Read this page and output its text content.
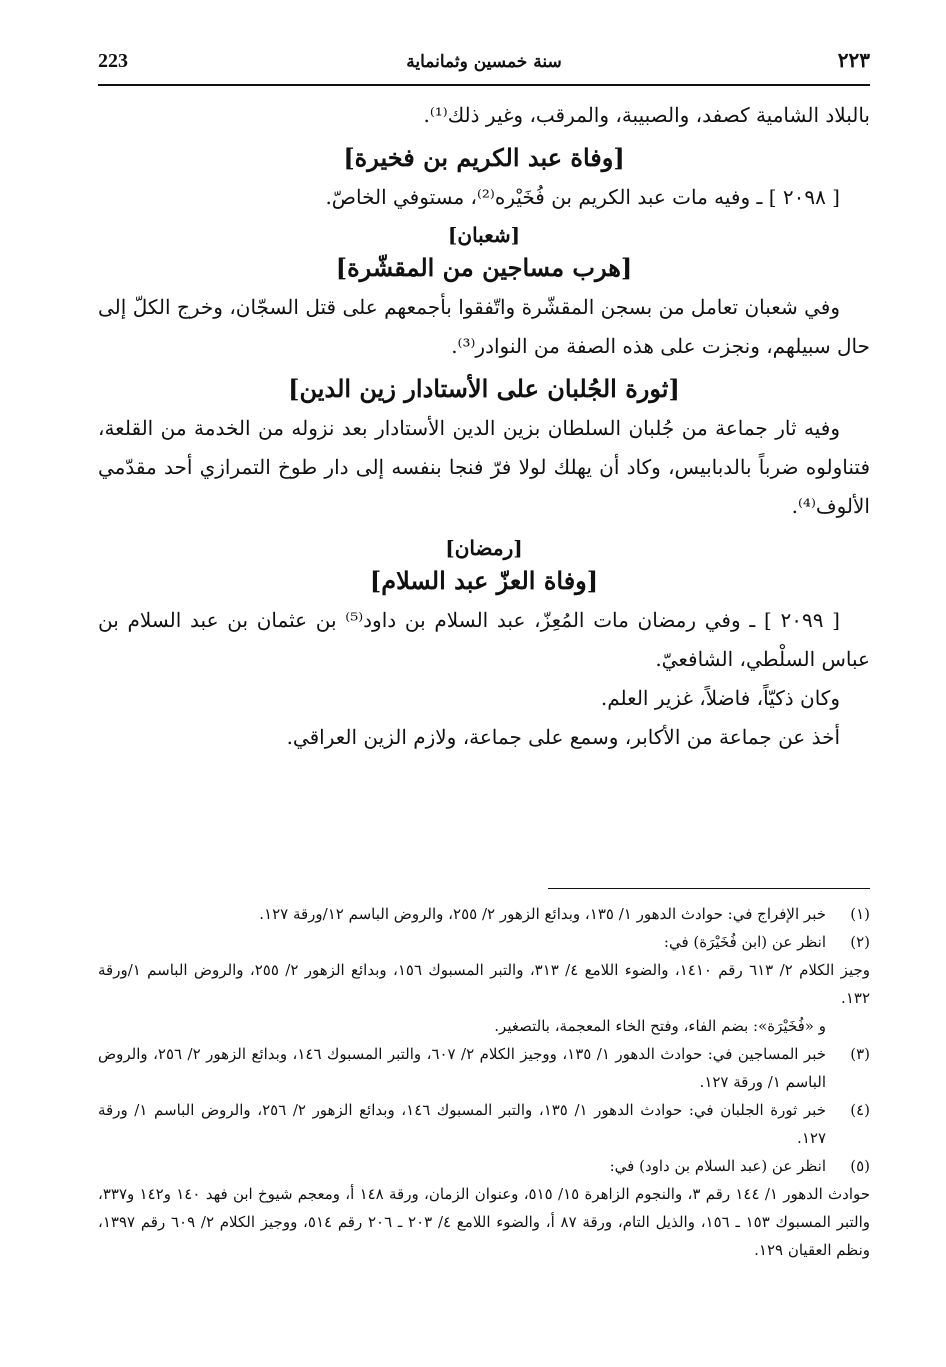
223	سنة خمسين وثمانماية	٢٢٣

بالبلاد الشامية كصفد، والصبيبة، والمرقب، وغير ذلك⁽¹⁾.

[وفاة عبد الكريم بن فخيرة]

[ ٢٠٩٨ ] ـ وفيه مات عبد الكريم بن فُخَيْره⁽²⁾، مستوفي الخاصّ.

[شعبان]

[هرب مساجين من المقشّرة]

وفي شعبان تعامل من بسجن المقشّرة واتّفقوا بأجمعهم على قتل السجّان، وخرج الكلّ إلى حال سبيلهم، ونجزت على هذه الصفة من النوادر⁽³⁾.

[ثورة الجُلبان على الأستادار زين الدين]

وفيه ثار جماعة من جُلبان السلطان بزين الدين الأستادار بعد نزوله من الخدمة من القلعة، فتناولوه ضرباً بالدبابيس، وكاد أن يهلك لولا فرّ فنجا بنفسه إلى دار طوخ التمرازي أحد مقدّمي الألوف⁽⁴⁾.

[رمضان]

[وفاة العزّ عبد السلام]

[ ٢٠٩٩ ] ـ وفي رمضان مات المُعِزّ، عبد السلام بن داود⁽⁵⁾ بن عثمان بن عبد السلام بن عباس السلْطي، الشافعيّ.

وكان ذكيّاً، فاضلاً، غزير العلم.

أخذ عن جماعة من الأكابر، وسمع على جماعة، ولازم الزين العراقي.

(١)
خبر الإفراج في: حوادث الدهور ١/ ١٣٥، وبدائع الزهور ٢/ ٢٥٥، والروض الباسم ١٢/ورقة ١٢٧.
(٢)
انظر عن (ابن فُخَيْرَة) في:

وجيز الكلام ٢/ ٦١٣ رقم ١٤١٠، والضوء اللامع ٤/ ٣١٣، والتبر المسبوك ١٥٦، وبدائع الزهور ٢/ ٢٥٥، والروض الباسم ١/ورقة ١٣٢.

و «فُخَيْرَة»: بضم الفاء، وفتح الخاء المعجمة، بالتصغير.

(٣)
خبر المساجين في: حوادث الدهور ١/ ١٣٥، ووجيز الكلام ٢/ ٦٠٧، والتبر المسبوك ١٤٦، وبدائع الزهور ٢/ ٢٥٦، والروض الباسم ١/ ورقة ١٢٧.
(٤)
خبر ثورة الجلبان في: حوادث الدهور ١/ ١٣٥، والتبر المسبوك ١٤٦، وبدائع الزهور ٢/ ٢٥٦، والروض الباسم ١/ ورقة ١٢٧.
(٥)
انظر عن (عبد السلام بن داود) في:

حوادث الدهور ١/ ١٤٤ رقم ٣، والنجوم الزاهرة ١٥/ ٥١٥، وعنوان الزمان، ورقة ١٤٨ أ، ومعجم شيوخ ابن فهد ١٤٠ و١٤٢ و٣٣٧، والتبر المسبوك ١٥٣ ـ ١٥٦، والذيل التام، ورقة ٨٧ أ، والضوء اللامع ٤/ ٢٠٣ ـ ٢٠٦ رقم ٥١٤، ووجيز الكلام ٢/ ٦٠٩ رقم ١٣٩٧، ونظم العقيان ١٢٩.
